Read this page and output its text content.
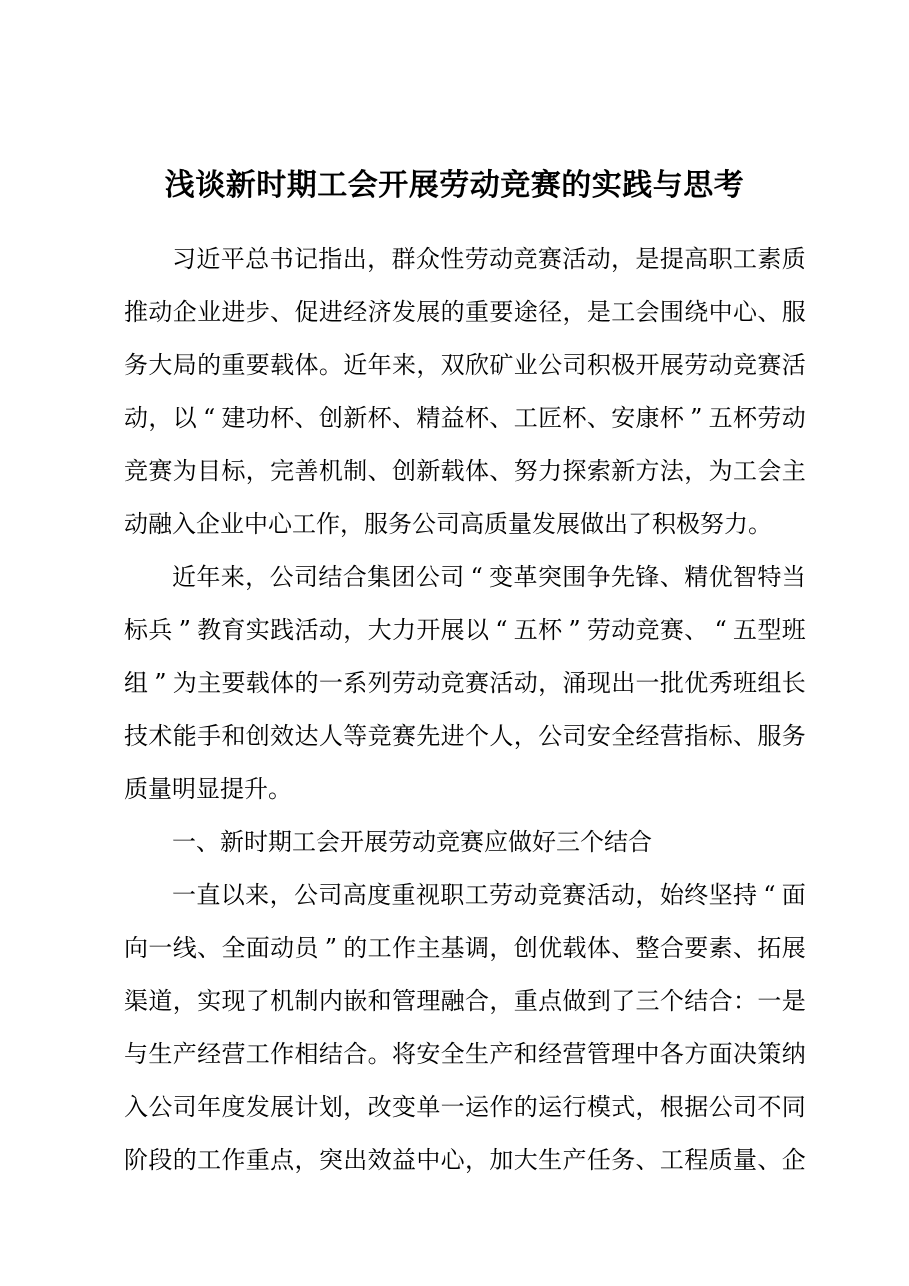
浅谈新时期工会开展劳动竞赛的实践与思考
习 近 平 总 书 记 指 出 ， 群 众 性 劳 动 竞 赛 活 动 ， 是 提 高 职 工 素 质
推 动 企 业 进 步 、 促 进 经 济 发 展 的 重 要 途 径 ， 是 工 会 围 绕 中 心 、 服
务 大 局 的 重 要 载 体 。 近 年 来 ， 双 欣 矿 业 公 司 积 极 开 展 劳 动 竞 赛 活
动 ， 以 “ 建 功 杯 、 创 新 杯 、 精 益 杯 、 工 匠 杯 、 安 康 杯 ” 五 杯 劳 动
竞 赛 为 目 标 ， 完 善 机 制 、 创 新 载 体 、 努 力 探 索 新 方 法 ， 为 工 会 主
动融入企业中心工作，服务公司高质量发展做出了积极努力。
近 年 来 ， 公 司 结 合 集 团 公 司 “ 变 革 突 围 争 先 锋 、 精 优 智 特 当
标 兵 ” 教 育 实 践 活 动 ， 大 力 开 展 以 “ 五 杯 ” 劳 动 竞 赛 、 “ 五 型 班
组 ” 为 主 要 载 体 的 一 系 列 劳 动 竞 赛 活 动 ， 涌 现 出 一 批 优 秀 班 组 长
技 术 能 手 和 创 效 达 人 等 竞 赛 先 进 个 人 ， 公 司 安 全 经 营 指 标 、 服 务
质量明显提升。
一、新时期工会开展劳动竞赛应做好三个结合
一 直 以 来 ， 公 司 高 度 重 视 职 工 劳 动 竞 赛 活 动 ， 始 终 坚 持 “ 面
向 一 线 、 全 面 动 员 ” 的 工 作 主 基 调 ， 创 优 载 体 、 整 合 要 素 、 拓 展
渠 道 ， 实 现 了 机 制 内 嵌 和 管 理 融 合 ， 重 点 做 到 了 三 个 结 合 ： 一 是
与 生 产 经 营 工 作 相 结 合 。 将 安 全 生 产 和 经 营 管 理 中 各 方 面 决 策 纳
入 公 司 年 度 发 展 计 划 ， 改 变 单 一 运 作 的 运 行 模 式 ， 根 据 公 司 不 同
阶 段 的 工 作 重 点 ， 突 出 效 益 中 心 ， 加 大 生 产 任 务 、 工 程 质 量 、 企
